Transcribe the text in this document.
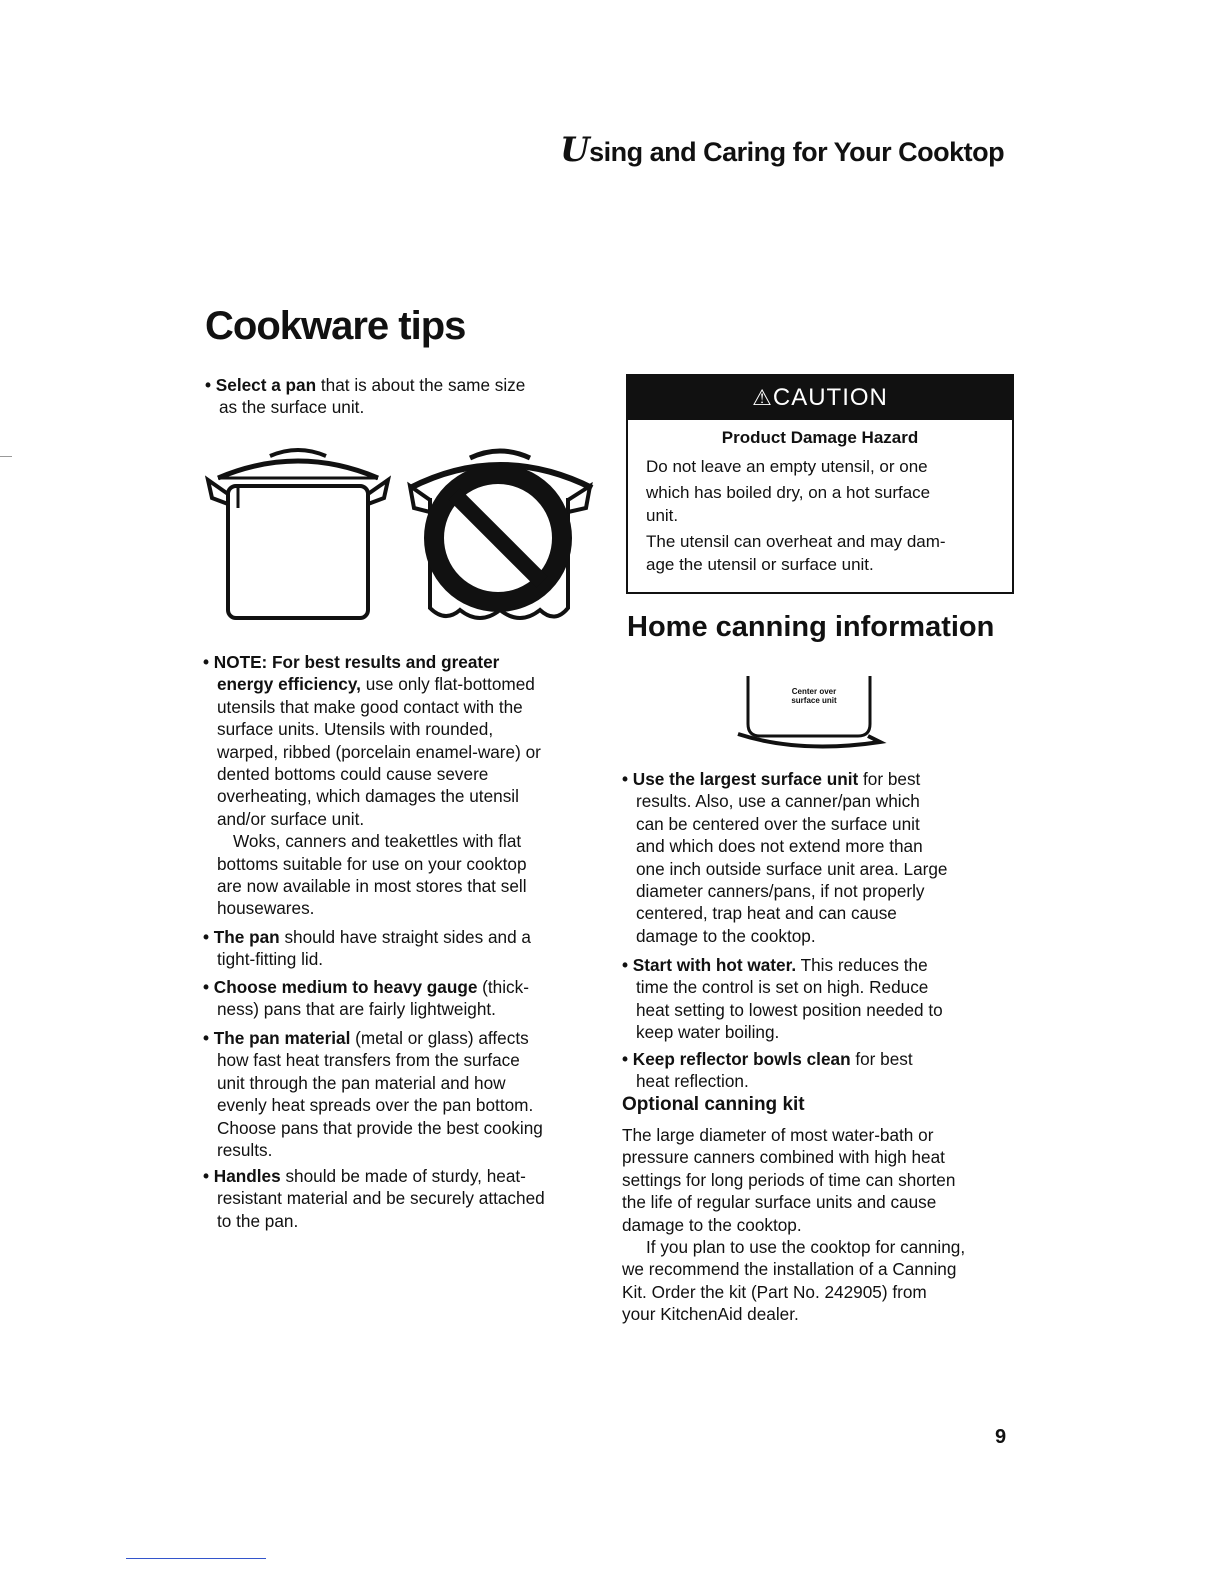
Using and Caring for Your Cooktop
Cookware tips

• Select a pan that is about the same size

as the surface unit.

• NOTE: For best results and greater

energy efficiency, use only flat-bottomed

utensils that make good contact with the

surface units. Utensils with rounded,

warped, ribbed (porcelain enamel-ware) or

dented bottoms could cause severe

overheating, which damages the utensil

and/or surface unit.

Woks, canners and teakettles with flat

bottoms suitable for use on your cooktop

are now available in most stores that sell

housewares.

• The pan should have straight sides and a

tight-fitting lid.

• Choose medium to heavy gauge (thick-

ness) pans that are fairly lightweight.

• The pan material (metal or glass) affects

how fast heat transfers from the surface

unit through the pan material and how

evenly heat spreads over the pan bottom.

Choose pans that provide the best cooking

results.

• Handles should be made of sturdy, heat-

resistant material and be securely attached

to the pan.

⚠CAUTION
Product Damage Hazard

Do not leave an empty utensil, or one

which has boiled dry, on a hot surface

unit.

The utensil can overheat and may dam-

age the utensil or surface unit.

Home canning information
Center over
surface unit

• Use the largest surface unit for best

results. Also, use a canner/pan which

can be centered over the surface unit

and which does not extend more than

one inch outside surface unit area. Large

diameter canners/pans, if not properly

centered, trap heat and can cause

damage to the cooktop.

• Start with hot water. This reduces the

time the control is set on high. Reduce

heat setting to lowest position needed to

keep water boiling.

• Keep reflector bowls clean for best

heat reflection.

Optional canning kit

The large diameter of most water-bath or

pressure canners combined with high heat

settings for long periods of time can shorten

the life of regular surface units and cause

damage to the cooktop.

If you plan to use the cooktop for canning,

we recommend the installation of a Canning

Kit. Order the kit (Part No. 242905) from

your KitchenAid dealer.

9
